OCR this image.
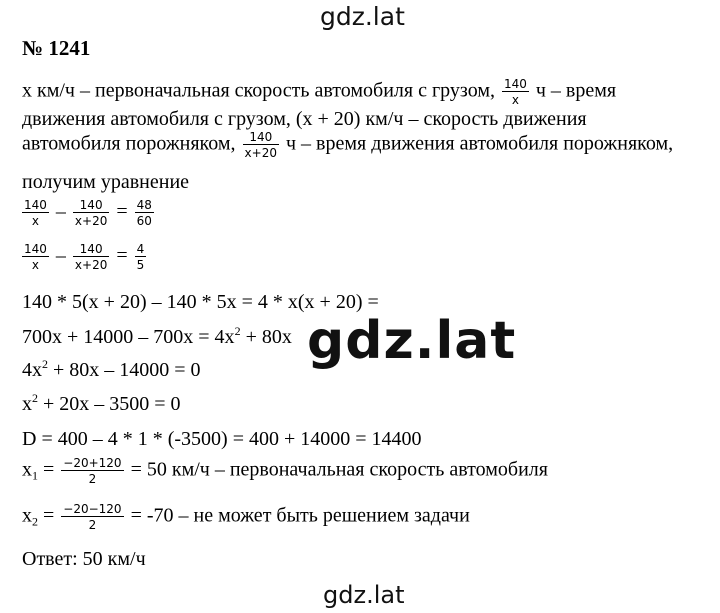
gdz.lat
№ 1241
х км/ч – первоначальная скорость автомобиля с грузом, $\frac{140}{х}$ ч – время
движения автомобиля с грузом, (х + 20) км/ч – скорость движения
автомобиля порожняком, $\frac{140}{х+20}$ ч – время движения автомобиля порожняком,
получим уравнение
$\frac{140}{х} - \frac{140}{х+20} = \frac{48}{60}$
$\frac{140}{х} - \frac{140}{х+20} = \frac{4}{5}$
140 * 5(х + 20) – 140 * 5х = 4 * х(х + 20) =
$700х + 14000 - 700х = 4х^2 + 80х$ gdz.lat
$4х^2 + 80х - 14000 = 0$
$х^2 + 20х - 3500 = 0$
D = 400 – 4 * 1 * (-3500) = 400 + 14000 = 14400
$х_1 = \frac{-20+120}{2} = 50$ км/ч – первоначальная скорость автомобиля
$х_2 = \frac{-20-120}{2} = -70$ – не может быть решением задачи
Ответ: 50 км/ч
gdz.lat
